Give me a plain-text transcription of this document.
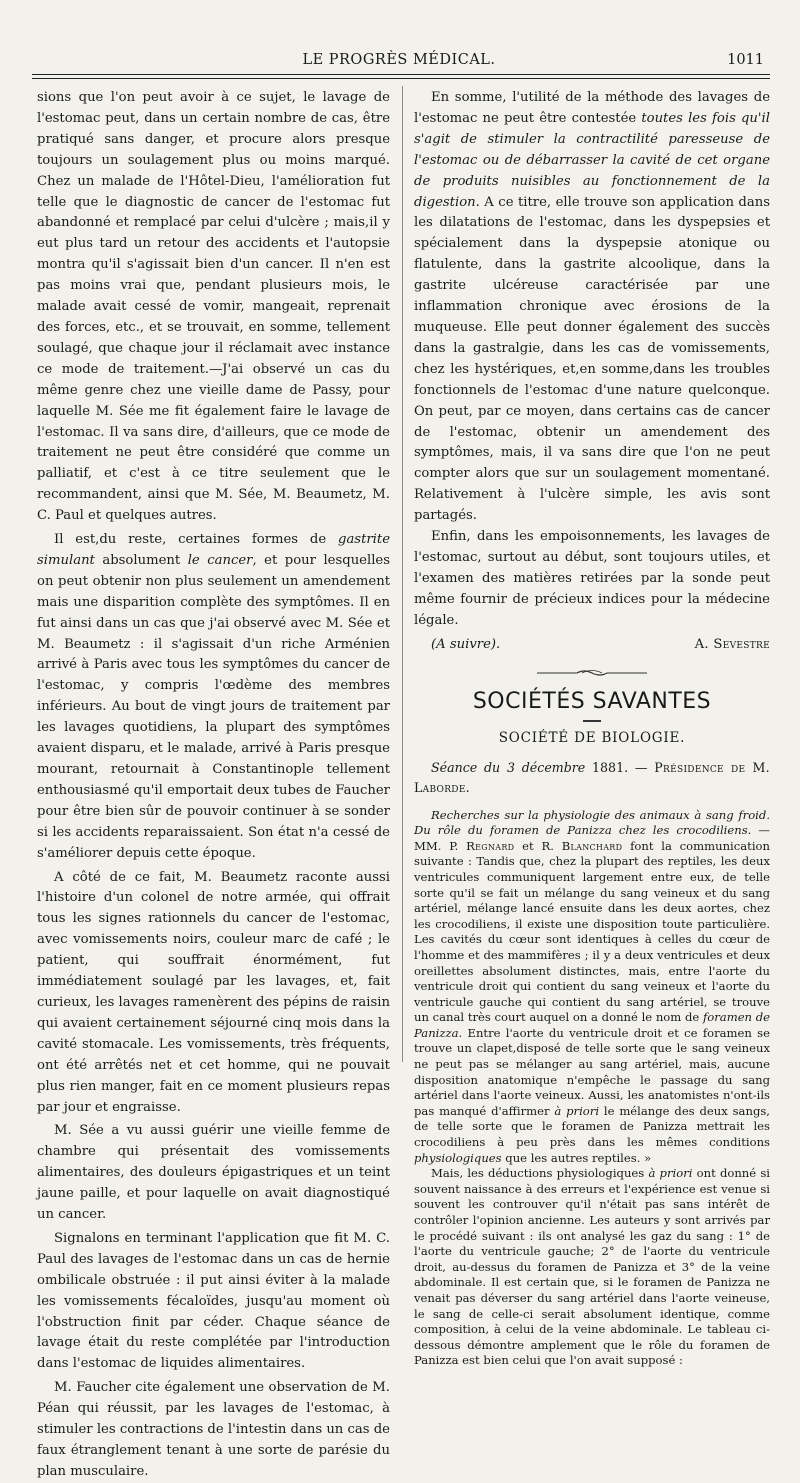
LE PROGRÈS MÉDICAL.	1011

sions que l'on peut avoir à ce sujet, le lavage de l'estomac peut, dans un certain nombre de cas, être pratiqué sans danger, et procure alors presque toujours un soulagement plus ou moins marqué. Chez un malade de l'Hôtel-Dieu, l'amélioration fut telle que le diagnostic de cancer de l'estomac fut abandonné et remplacé par celui d'ulcère ; mais,il y eut plus tard un retour des accidents et l'autopsie montra qu'il s'agissait bien d'un cancer. Il n'en est pas moins vrai que, pendant plusieurs mois, le malade avait cessé de vomir, mangeait, reprenait des forces, etc., et se trouvait, en somme, tellement soulagé, que chaque jour il réclamait avec instance ce mode de traitement.—J'ai observé un cas du même genre chez une vieille dame de Passy, pour laquelle M. Sée me fit également faire le lavage de l'estomac. Il va sans dire, d'ailleurs, que ce mode de traitement ne peut être considéré que comme un palliatif, et c'est à ce titre seulement que le recommandent, ainsi que M. Sée, M. Beaumetz, M. C. Paul et quelques autres.

Il est,du reste, certaines formes de gastrite simulant absolument le cancer, et pour lesquelles on peut obtenir non plus seulement un amendement mais une disparition complète des symptômes. Il en fut ainsi dans un cas que j'ai observé avec M. Sée et M. Beaumetz : il s'agissait d'un riche Arménien arrivé à Paris avec tous les symptômes du cancer de l'estomac, y compris l'œdème des membres inférieurs. Au bout de vingt jours de traitement par les lavages quotidiens, la plupart des symptômes avaient disparu, et le malade, arrivé à Paris presque mourant, retournait à Constantinople tellement enthousiasmé qu'il emportait deux tubes de Faucher pour être bien sûr de pouvoir continuer à se sonder si les accidents reparaissaient. Son état n'a cessé de s'améliorer depuis cette époque.

A côté de ce fait, M. Beaumetz raconte aussi l'histoire d'un colonel de notre armée, qui offrait tous les signes rationnels du cancer de l'estomac, avec vomissements noirs, couleur marc de café ; le patient, qui souffrait énormément, fut immédiatement soulagé par les lavages, et, fait curieux, les lavages ramenèrent des pépins de raisin qui avaient certainement séjourné cinq mois dans la cavité stomacale. Les vomissements, très fréquents, ont été arrêtés net et cet homme, qui ne pouvait plus rien manger, fait en ce moment plusieurs repas par jour et engraisse.

M. Sée a vu aussi guérir une vieille femme de chambre qui présentait des vomissements alimentaires, des douleurs épigastriques et un teint jaune paille, et pour laquelle on avait diagnostiqué un cancer.

Signalons en terminant l'application que fit M. C. Paul des lavages de l'estomac dans un cas de hernie ombilicale obstruée : il put ainsi éviter à la malade les vomissements fécaloïdes, jusqu'au moment où l'obstruction finit par céder. Chaque séance de lavage était du reste complétée par l'introduction dans l'estomac de liquides alimentaires.

M. Faucher cite également une observation de M. Péan qui réussit, par les lavages de l'estomac, à stimuler les contractions de l'intestin dans un cas de faux étranglement tenant à une sorte de parésie du plan musculaire.

En somme, l'utilité de la méthode des lavages de l'estomac ne peut être contestée toutes les fois qu'il s'agit de stimuler la contractilité paresseuse de l'estomac ou de débarrasser la cavité de cet organe de produits nuisibles au fonctionnement de la digestion. A ce titre, elle trouve son application dans les dilatations de l'estomac, dans les dyspepsies et spécialement dans la dyspepsie atonique ou flatulente, dans la gastrite alcoolique, dans la gastrite ulcéreuse caractérisée par une inflammation chronique avec érosions de la muqueuse. Elle peut donner également des succès dans la gastralgie, dans les cas de vomissements, chez les hystériques, et,en somme,dans les troubles fonctionnels de l'estomac d'une nature quelconque. On peut, par ce moyen, dans certains cas de cancer de l'estomac, obtenir un amendement des symptômes, mais, il va sans dire que l'on ne peut compter alors que sur un soulagement momentané. Relativement à l'ulcère simple, les avis sont partagés.

Enfin, dans les empoisonnements, les lavages de l'estomac, surtout au début, sont toujours utiles, et l'examen des matières retirées par la sonde peut même fournir de précieux indices pour la médecine légale.

(A suivre).	A. Sevestre
SOCIÉTÉS SAVANTES
SOCIÉTÉ DE BIOLOGIE.

Séance du 3 décembre 1881. — Présidence de M. Laborde.

Recherches sur la physiologie des animaux à sang froid. Du rôle du foramen de Panizza chez les crocodiliens. — MM. P. Regnard et R. Blanchard font la communication suivante : Tandis que, chez la plupart des reptiles, les deux ventricules communiquent largement entre eux, de telle sorte qu'il se fait un mélange du sang veineux et du sang artériel, mélange lancé ensuite dans les deux aortes, chez les crocodiliens, il existe une disposition toute particulière. Les cavités du cœur sont identiques à celles du cœur de l'homme et des mammifères ; il y a deux ventricules et deux oreillettes absolument distinctes, mais, entre l'aorte du ventricule droit qui contient du sang veineux et l'aorte du ventricule gauche qui contient du sang artériel, se trouve un canal très court auquel on a donné le nom de foramen de Panizza. Entre l'aorte du ventricule droit et ce foramen se trouve un clapet,disposé de telle sorte que le sang veineux ne peut pas se mélanger au sang artériel, mais, aucune disposition anatomique n'empêche le passage du sang artériel dans l'aorte veineux. Aussi, les anatomistes n'ont-ils pas manqué d'affirmer à priori le mélange des deux sangs, de telle sorte que le foramen de Panizza mettrait les crocodiliens à peu près dans les mêmes conditions physiologiques que les autres reptiles. »

Mais, les déductions physiologiques à priori ont donné si souvent naissance à des erreurs et l'expérience est venue si souvent les controuver qu'il n'était pas sans intérêt de contrôler l'opinion ancienne. Les auteurs y sont arrivés par le procédé suivant : ils ont analysé les gaz du sang : 1° de l'aorte du ventricule gauche; 2° de l'aorte du ventricule droit, au-dessus du foramen de Panizza et 3° de la veine abdominale. Il est certain que, si le foramen de Panizza ne venait pas déverser du sang artériel dans l'aorte veineuse, le sang de celle-ci serait absolument identique, comme composition, à celui de la veine abdominale. Le tableau ci-dessous démontre amplement que le rôle du foramen de Panizza est bien celui que l'on avait supposé :
